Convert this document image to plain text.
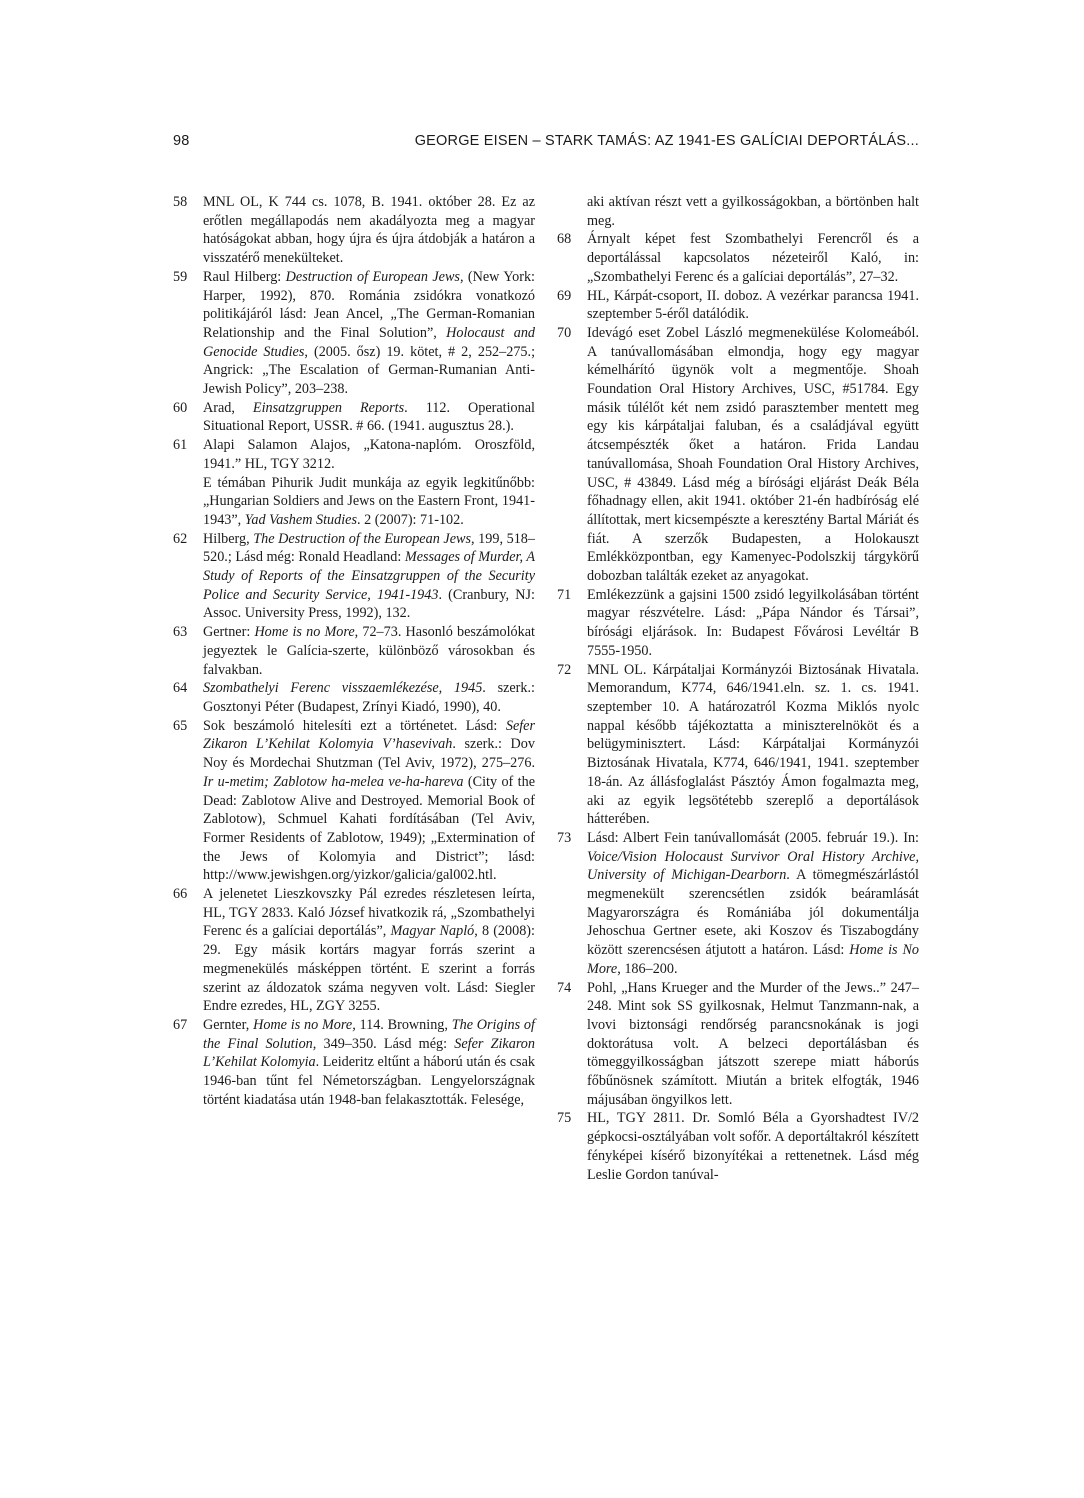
98	GEORGE EISEN – STARK TAMÁS: AZ 1941-ES GALÍCIAI DEPORTÁLÁS...
58 MNL OL, K 744 cs. 1078, B. 1941. október 28. Ez az erőtlen megállapodás nem akadályozta meg a magyar hatóságokat abban, hogy újra és újra átdobják a határon a visszatérő menekülteket.
59 Raul Hilberg: Destruction of European Jews, (New York: Harper, 1992), 870. Románia zsidókra vonatkozó politikájáról lásd: Jean Ancel, „The German-Romanian Relationship and the Final Solution”, Holocaust and Genocide Studies, (2005. ősz) 19. kötet, # 2, 252–275.; Angrick: „The Escalation of German-Rumanian Anti-Jewish Policy”, 203–238.
60 Arad, Einsatzgruppen Reports. 112. Operational Situational Report, USSR. # 66. (1941. augusztus 28.).
61 Alapi Salamon Alajos, „Katona-naplóm. Oroszföld, 1941.” HL, TGY 3212.
E témában Pihurik Judit munkája az egyik legkitűnőbb: „Hungarian Soldiers and Jews on the Eastern Front, 1941-1943”, Yad Vashem Studies. 2 (2007): 71-102.
62 Hilberg, The Destruction of the European Jews, 199, 518–520.; Lásd még: Ronald Headland: Messages of Murder, A Study of Reports of the Einsatzgruppen of the Security Police and Security Service, 1941-1943. (Cranbury, NJ: Assoc. University Press, 1992), 132.
63 Gertner: Home is no More, 72–73. Hasonló beszámolókat jegyeztek le Galícia-szerte, különböző városokban és falvakban.
64 Szombathelyi Ferenc visszaemlékezése, 1945. szerk.: Gosztonyi Péter (Budapest, Zrínyi Kiadó, 1990), 40.
65 Sok beszámoló hitelesíti ezt a történetet. Lásd: Sefer Zikaron L’Kehilat Kolomyia V’hasevivah. szerk.: Dov Noy és Mordechai Shutzman (Tel Aviv, 1972), 275–276. Ir u-metim; Zablotow ha-melea ve-ha-hareva (City of the Dead: Zablotow Alive and Destroyed. Memorial Book of Zablotow), Schmuel Kahati fordításában (Tel Aviv, Former Residents of Zablotow, 1949); „Extermination of the Jews of Kolomyia and District”; lásd: http://www.jewishgen.org/yizkor/galicia/gal002.htl.
66 A jelenetet Lieszkovszky Pál ezredes részletesen leírta, HL, TGY 2833. Kaló József hivatkozik rá, „Szombathelyi Ferenc és a galíciai deportálás”, Magyar Napló, 8 (2008): 29. Egy másik kortárs magyar forrás szerint a megmenekülés másképpen történt. E szerint a forrás szerint az áldozatok száma negyven volt. Lásd: Siegler Endre ezredes, HL, ZGY 3255.
67 Gernter, Home is no More, 114. Browning, The Origins of the Final Solution, 349–350. Lásd még: Sefer Zikaron L’Kehilat Kolomyia. Leideritz eltűnt a háború után és csak 1946-ban tűnt fel Németországban. Lengyelországnak történt kiadatása után 1948-ban felakasztották. Felesége,
aki aktívan részt vett a gyilkosságokban, a börtönben halt meg.
68 Árnyalt képet fest Szombathelyi Ferencről és a deportálással kapcsolatos nézeteiről Kaló, in: „Szombathelyi Ferenc és a galíciai deportálás”, 27–32.
69 HL, Kárpát-csoport, II. doboz. A vezérkar parancsa 1941. szeptember 5-éről datálódik.
70 Idevágó eset Zobel László megmenekülése Kolomeából. A tanúvallomásában elmondja, hogy egy magyar kémelhárító ügynök volt a megmentője. Shoah Foundation Oral History Archives, USC, #51784. Egy másik túlélőt két nem zsidó parasztember mentett meg egy kis kárpátaljai faluban, és a családjával együtt átcsempészték őket a határon. Frida Landau tanúvallomása, Shoah Foundation Oral History Archives, USC, # 43849. Lásd még a bírósági eljárást Deák Béla főhadnagy ellen, akit 1941. október 21-én hadbíróság elé állítottak, mert kicsempészte a keresztény Bartal Máriát és fiát. A szerzők Budapesten, a Holokauszt Emlékközpontban, egy Kamenyec-Podolszkij tárgykörű dobozban találták ezeket az anyagokat.
71 Emlékezzünk a gajsini 1500 zsidó legyilkolásában történt magyar részvételre. Lásd: „Pápa Nándor és Társai”, bírósági eljárások. In: Budapest Fővárosi Levéltár B 7555-1950.
72 MNL OL. Kárpátaljai Kormányzói Biztosának Hivatala. Memorandum, K774, 646/1941.eln. sz. 1. cs. 1941. szeptember 10. A határozatról Kozma Miklós nyolc nappal később tájékoztatta a miniszterelnököt és a belügyminisztert. Lásd: Kárpátaljai Kormányzói Biztosának Hivatala, K774, 646/1941, 1941. szeptember 18-án. Az állásfoglalást Pásztóy Ámon fogalmazta meg, aki az egyik legsötétebb szereplő a deportálások hátterében.
73 Lásd: Albert Fein tanúvallomását (2005. február 19.). In: Voice/Vision Holocaust Survivor Oral History Archive, University of Michigan-Dearborn. A tömegmészárlástól megmenekült szerencsétlen zsidók beáramlását Magyarországra és Romániába jól dokumentálja Jehoschua Gertner esete, aki Koszov és Tiszabogdány között szerencsésen átjutott a határon. Lásd: Home is No More, 186–200.
74 Pohl, „Hans Krueger and the Murder of the Jews..” 247–248. Mint sok SS gyilkosnak, Helmut Tanzmann-nak, a lvovi biztonsági rendőrség parancsnokának is jogi doktorátusa volt. A belzeci deportálásban és tömeggyilkosságban játszott szerepe miatt háborús főbűnösnek számított. Miután a britek elfogták, 1946 májusában öngyilkos lett.
75 HL, TGY 2811. Dr. Somló Béla a Gyorshadtest IV/2 gépkocsi-osztályában volt sofőr. A deportáltakról készített fényképei kísérő bizonyítékai a rettenetnek. Lásd még Leslie Gordon tanúval-
